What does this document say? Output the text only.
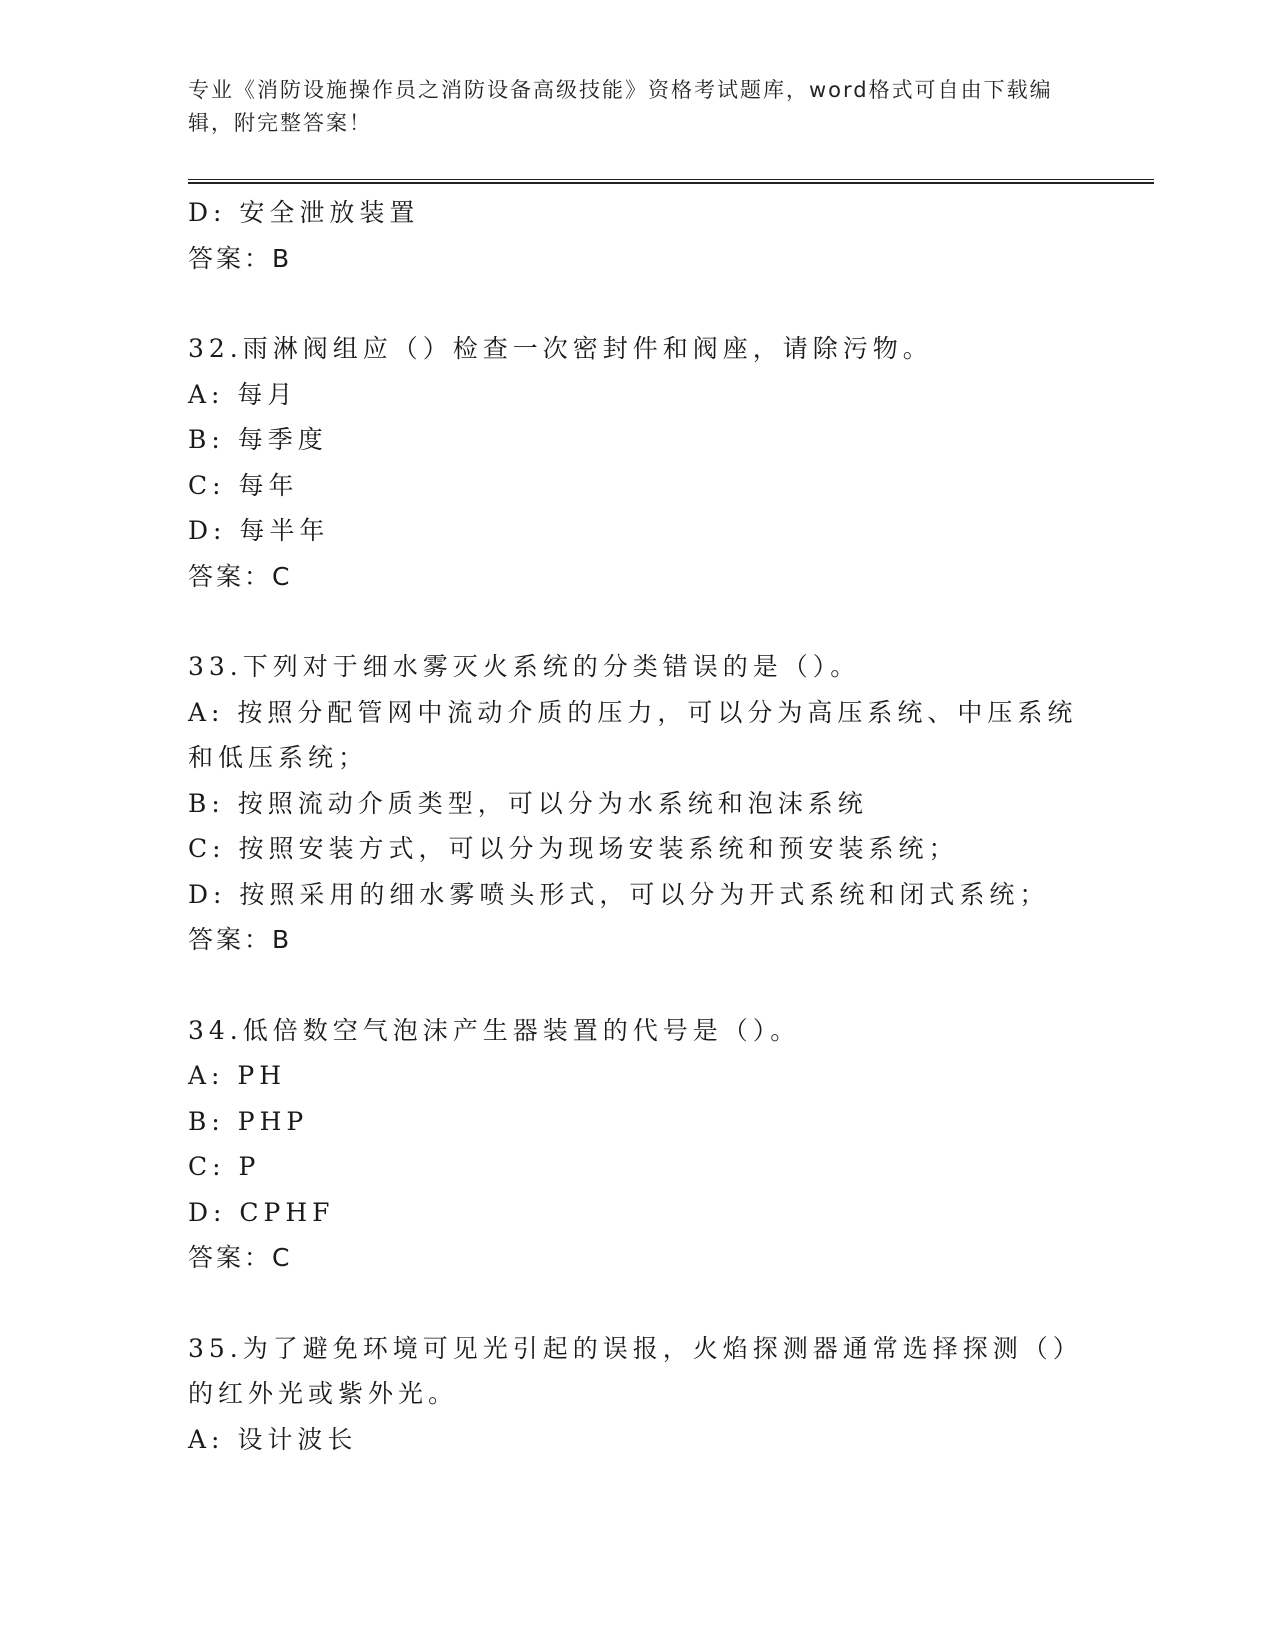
专业《消防设施操作员之消防设备高级技能》资格考试题库，word格式可自由下载编辑，附完整答案！
D: 安全泄放装置
答案：B
32.雨淋阀组应（）检查一次密封件和阀座，请除污物。
A: 每月
B: 每季度
C: 每年
D: 每半年
答案：C
33.下列对于细水雾灭火系统的分类错误的是（）。
A: 按照分配管网中流动介质的压力，可以分为高压系统、中压系统和低压系统；
B: 按照流动介质类型，可以分为水系统和泡沫系统
C: 按照安装方式，可以分为现场安装系统和预安装系统；
D: 按照采用的细水雾喷头形式，可以分为开式系统和闭式系统；
答案：B
34.低倍数空气泡沫产生器装置的代号是（）。
A: PH
B: PHP
C: P
D: CPHF
答案：C
35.为了避免环境可见光引起的误报，火焰探测器通常选择探测（）的红外光或紫外光。
A: 设计波长
